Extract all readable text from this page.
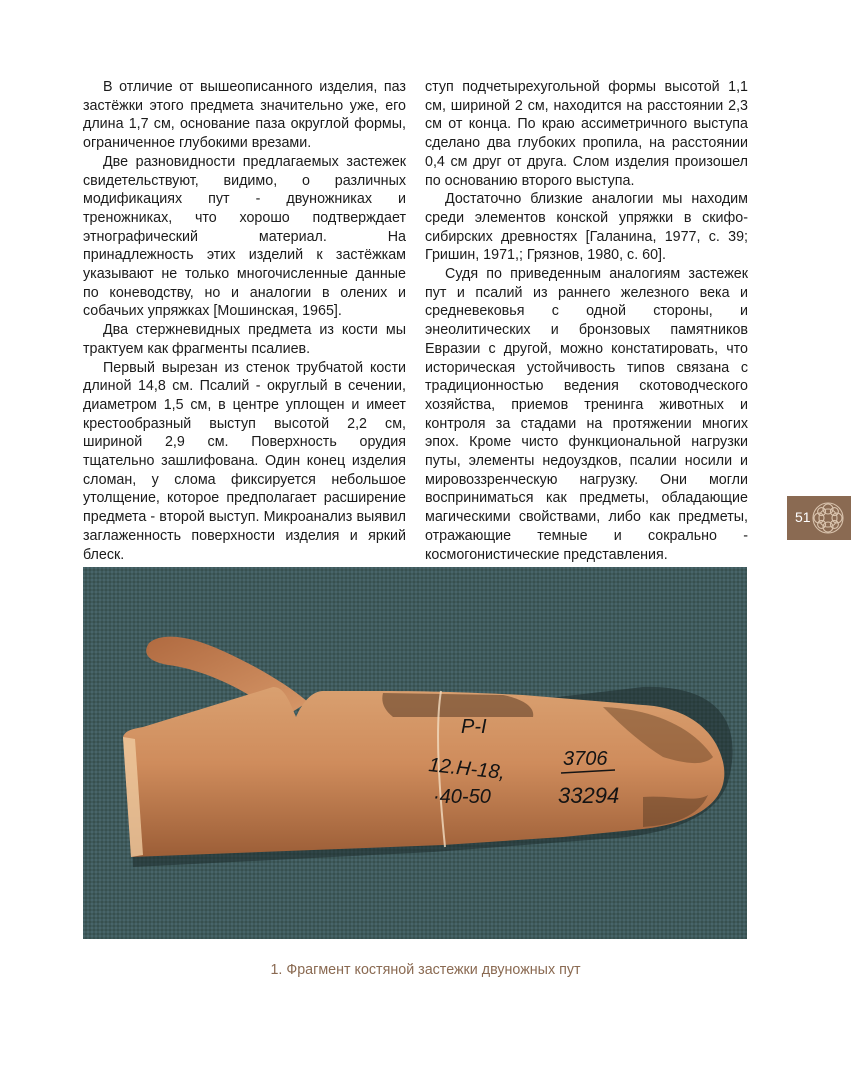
В отличие от вышеописанного изделия, паз застёжки этого предмета значительно уже, его длина 1,7 см, основание паза округлой формы, ограниченное глубокими врезами.

Две разновидности предлагаемых застежек свидетельствуют, видимо, о различных модификациях пут - двуножниках и треножниках, что хорошо подтверждает этнографический материал. На принадлежность этих изделий к застёжкам указывают не только многочисленные данные по коневодству, но и аналогии в олених и собачьих упряжках [Мошинская, 1965].

Два стержневидных предмета из кости мы трактуем как фрагменты псалиев.

Первый вырезан из стенок трубчатой кости длиной 14,8 см. Псалий - округлый в сечении, диаметром 1,5 см, в центре уплощен и имеет крестообразный выступ высотой 2,2 см, шириной 2,9 см. Поверхность орудия тщательно зашлифована. Один конец изделия сломан, у слома фиксируется небольшое утолщение, которое предполагает расширение предмета - второй выступ. Микроанализ выявил заглаженность поверхности изделия и яркий блеск.

ступ подчетырехугольной формы высотой 1,1 см, шириной 2 см, находится на расстоянии 2,3 см от конца. По краю ассиметричного выступа сделано два глубоких пропила, на расстоянии 0,4 см друг от друга. Слом изделия произошел по основанию второго выступа.

Достаточно близкие аналогии мы находим среди элементов конской упряжки в скифо-сибирских древностях [Галанина, 1977, с. 39; Гришин, 1971,; Грязнов, 1980, с. 60].

Судя по приведенным аналогиям застежек пут и псалий из раннего железного века и средневековья с одной стороны, и энеолитических и бронзовых памятников Евразии с другой, можно констатировать, что историческая устойчивость типов связана с традиционностью ведения скотоводческого хозяйства, приемов тренинга животных и контроля за стадами на протяжении многих эпох. Кроме чисто функциональной нагрузки путы, элементы недоуздков, псалии носили и мировоззренческую нагрузку. Они могли восприниматься как предметы, обладающие магическими свойствами, либо как предметы, отражающие темные и сокрально - космогонистические представления.

51
Р-I
12.Н-18,	3706
·40-50	33294
1. Фрагмент костяной застежки двуножных пут
